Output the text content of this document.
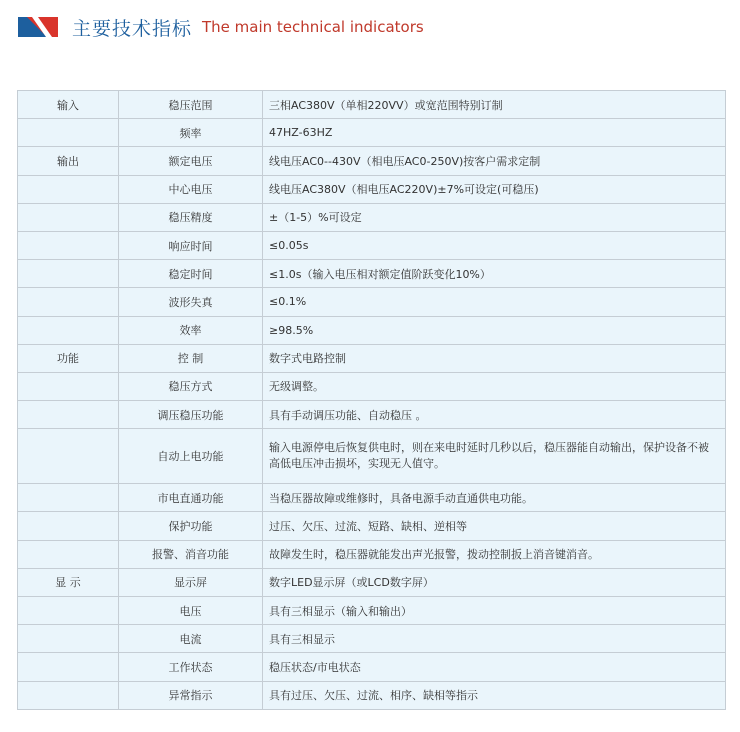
主要技术指标 The main technical indicators
输入	稳压范围	三相AC380V（单相220VV）或宽范围特别订制
	频率	47HZ-63HZ
输出	额定电压	线电压AC0--430V（相电压AC0-250V)按客户需求定制
	中心电压	线电压AC380V（相电压AC220V)±7%可设定(可稳压)
	稳压精度	±（1-5）%可设定
	响应时间	≤0.05s
	稳定时间	≤1.0s（输入电压相对额定值阶跃变化10%）
	波形失真	≤0.1%
	效率	≥98.5%
功能	控 制	数字式电路控制
	稳压方式	无级调整。
	调压稳压功能	具有手动调压功能、自动稳压 。
	自动上电功能	输入电源停电后恢复供电时，则在来电时延时几秒以后，稳压器能自动输出，保护设备不被高低电压冲击损坏，实现无人值守。

	市电直通功能	当稳压器故障或维修时，具备电源手动直通供电功能。
	保护功能	过压、欠压、过流、短路、缺相、逆相等
	报警、消音功能	故障发生时，稳压器就能发出声光报警，拨动控制扳上消音键消音。
显 示	显示屏	数字LED显示屏（或LCD数字屏）
	电压	具有三相显示（输入和输出）
	电流	具有三相显示
	工作状态	稳压状态/市电状态
	异常指示	具有过压、欠压、过流、相序、缺相等指示
